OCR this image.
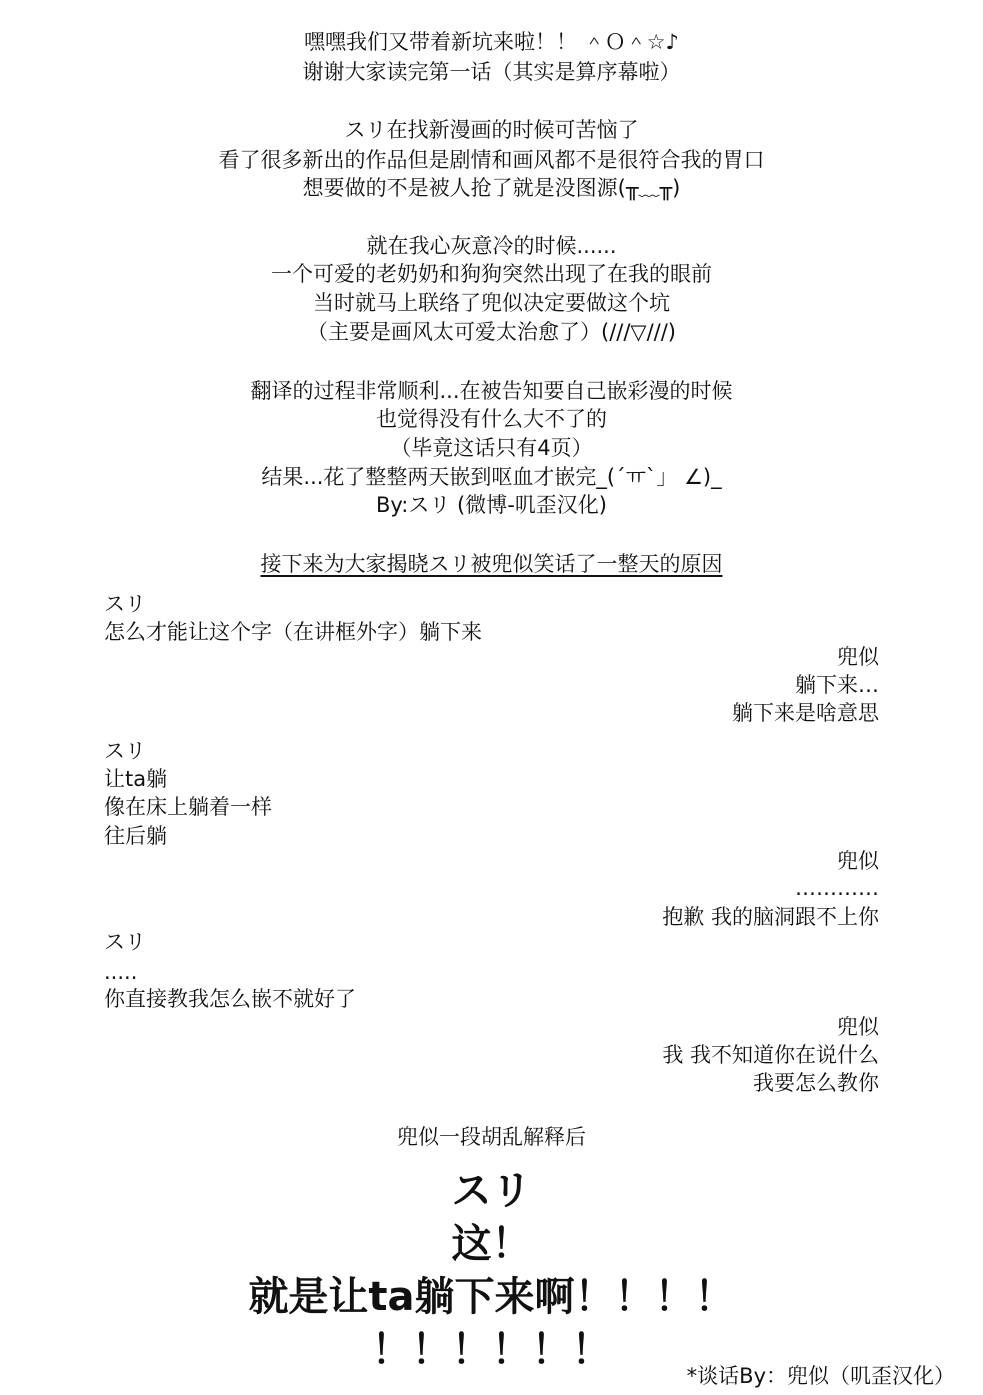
嘿嘿我们又带着新坑来啦！！ ＾Ｏ＾☆♪
谢谢大家读完第一话（其实是算序幕啦）
スリ在找新漫画的时候可苦恼了
看了很多新出的作品但是剧情和画风都不是很符合我的胃口
想要做的不是被人抢了就是没图源(╥﹏╥)
就在我心灰意冷的时候......
一个可爱的老奶奶和狗狗突然出现了在我的眼前
当时就马上联络了兜似决定要做这个坑
（主要是画风太可爱太治愈了）(///▽///)
翻译的过程非常顺利...在被告知要自己嵌彩漫的时候
也觉得没有什么大不了的
（毕竟这话只有4页）
结果...花了整整两天嵌到呕血才嵌完_(´ㅠ`」 ∠)_
By:スリ (微博-叽歪汉化)
接下来为大家揭晓スリ被兜似笑话了一整天的原因
スリ
怎么才能让这个字（在讲框外字）躺下来
兜似
躺下来…
躺下来是啥意思
スリ
让ta躺
像在床上躺着一样
往后躺
兜似
…………
抱歉 我的脑洞跟不上你
スリ
.....
你直接教我怎么嵌不就好了
兜似
我 我不知道你在说什么
我要怎么教你
兜似一段胡乱解释后
スリ
这！
就是让ta躺下来啊！！！！
！！！！！！
*谈话By：兜似（叽歪汉化）
